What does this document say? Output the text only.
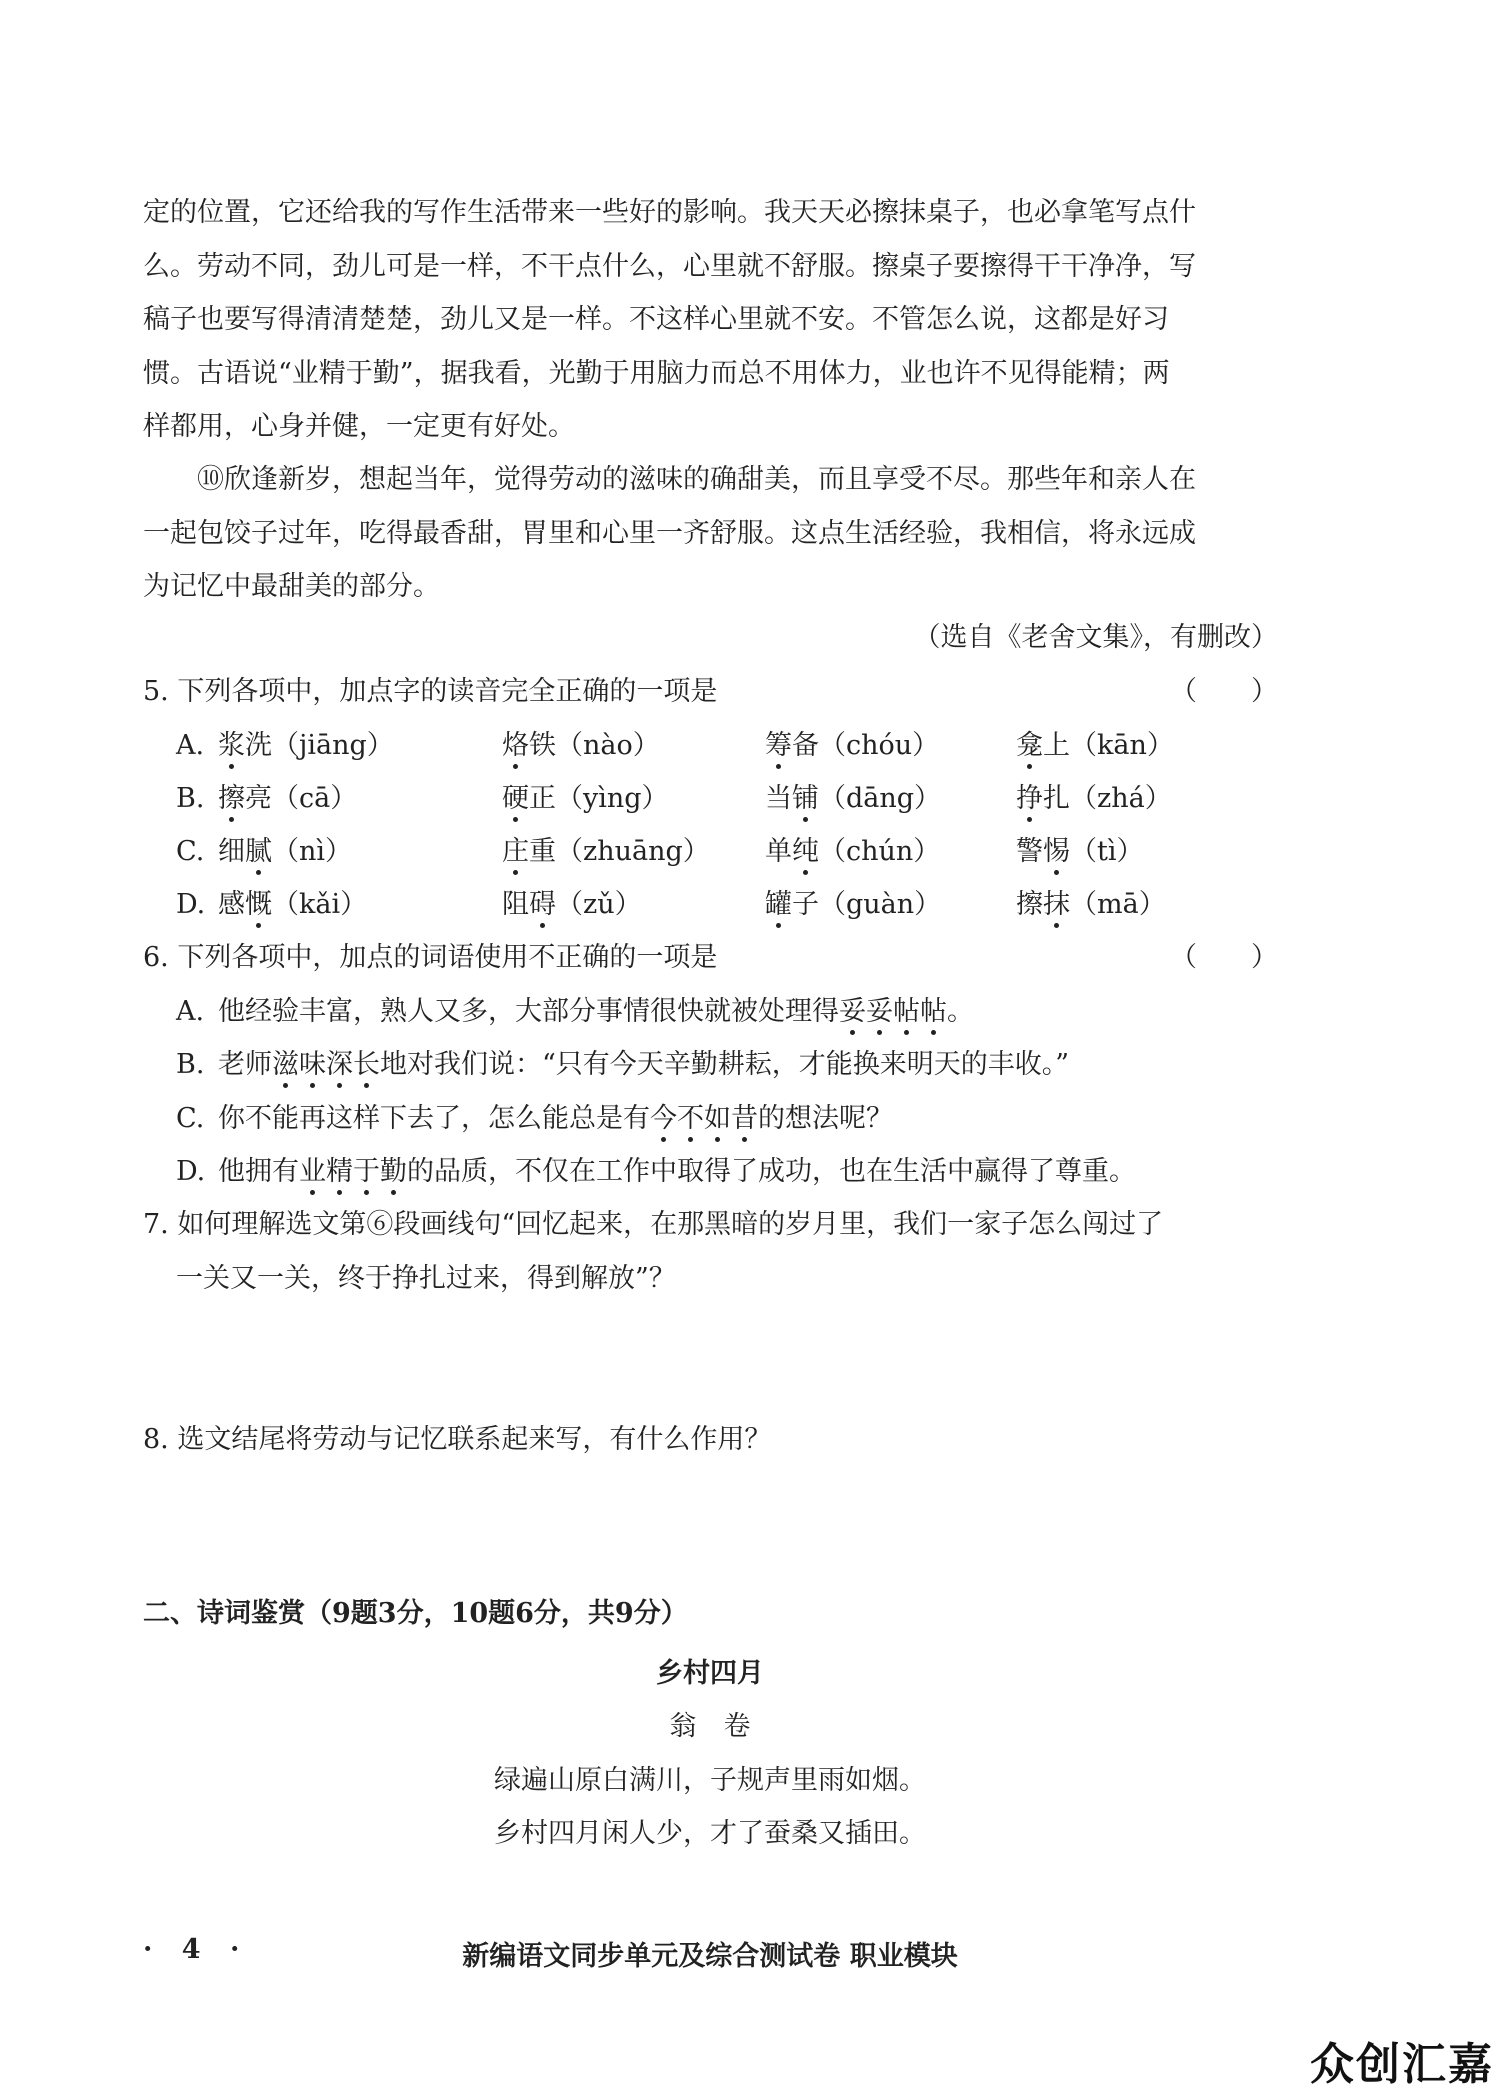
定的位置，它还给我的写作生活带来一些好的影响。我天天必擦抹桌子，也必拿笔写点什
么。劳动不同，劲儿可是一样，不干点什么，心里就不舒服。擦桌子要擦得干干净净，写
稿子也要写得清清楚楚，劲儿又是一样。不这样心里就不安。不管怎么说，这都是好习
惯。古语说“业精于勤”，据我看，光勤于用脑力而总不用体力，业也许不见得能精；两
样都用，心身并健，一定更有好处。
⑩欣逢新岁，想起当年，觉得劳动的滋味的确甜美，而且享受不尽。那些年和亲人在
一起包饺子过年，吃得最香甜，胃里和心里一齐舒服。这点生活经验，我相信，将永远成
为记忆中最甜美的部分。
（选自《老舍文集》，有删改）
5. 下列各项中，加点字的读音完全正确的一项是	（　　）
A. 浆洗（jiāng）	烙铁（nào）	筹备（chóu）	龛上（kān）
B. 擦亮（cā）	硬正（yìng）	当铺（dāng）	挣扎（zhá）
C. 细腻（nì）	庄重（zhuāng） 单纯（chún）	警惕（tì）
D. 感慨（kǎi）	阻碍（zǔ）	罐子（guàn）	擦抹（mā）
6. 下列各项中，加点的词语使用不正确的一项是	（　　）
A. 他经验丰富，熟人又多，大部分事情很快就被处理得妥妥帖帖。
B. 老师滋味深长地对我们说：“只有今天辛勤耕耘，才能换来明天的丰收。”
C. 你不能再这样下去了，怎么能总是有今不如昔的想法呢？
D. 他拥有业精于勤的品质，不仅在工作中取得了成功，也在生活中赢得了尊重。
7. 如何理解选文第⑥段画线句“回忆起来，在那黑暗的岁月里，我们一家子怎么闯过了
一关又一关，终于挣扎过来，得到解放”？
8. 选文结尾将劳动与记忆联系起来写，有什么作用？
二、诗词鉴赏（9题3分，10题6分，共9分）
乡村四月
翁　卷
绿遍山原白满川，子规声里雨如烟。
乡村四月闲人少，才了蚕桑又插田。
· 4 ·	新编语文同步单元及综合测试卷 职业模块
众创汇嘉
